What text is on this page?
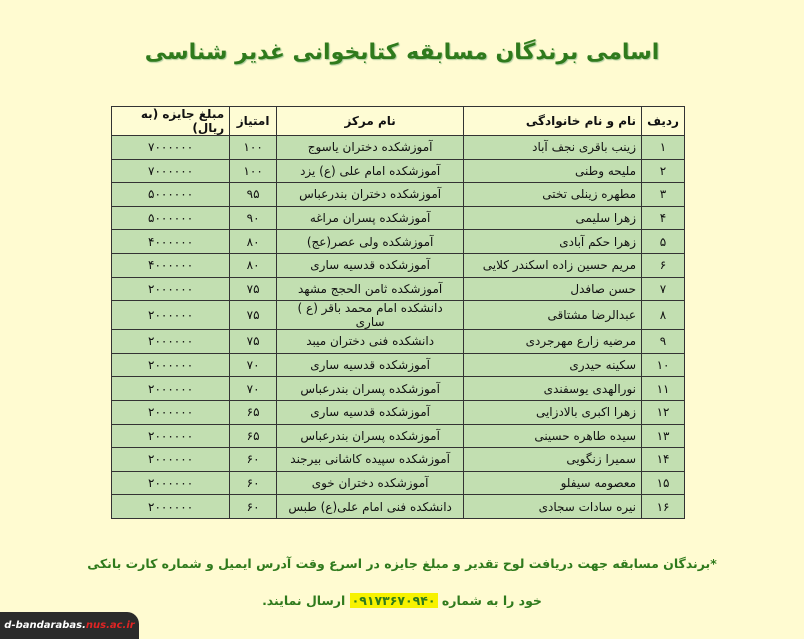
اسامی برندگان مسابقه کتابخوانی غدیر شناسی
ردیف	نام و نام خانوادگی	نام مرکز	امتیاز	مبلغ جایزه (به ریال)
۱	زینب باقری نجف آباد	آموزشکده دختران یاسوج	۱۰۰	۷۰۰۰۰۰۰
۲	ملیحه وطنی	آموزشکده امام علی (ع) یزد	۱۰۰	۷۰۰۰۰۰۰
۳	مطهره زینلی تختی	آموزشکده دختران بندرعباس	۹۵	۵۰۰۰۰۰۰
۴	زهرا سلیمی	آموزشکده پسران مراغه	۹۰	۵۰۰۰۰۰۰
۵	زهرا حکم آبادی	آموزشکده ولی عصر(عج)	۸۰	۴۰۰۰۰۰۰
۶	مریم حسین زاده اسکندر کلایی	آموزشکده قدسیه ساری	۸۰	۴۰۰۰۰۰۰
۷	حسن صافدل	آموزشکده ثامن الحجج مشهد	۷۵	۲۰۰۰۰۰۰
۸	عبدالرضا مشتاقی	دانشکده امام محمد باقر (ع ) ساری	۷۵	۲۰۰۰۰۰۰
۹	مرضیه زارع مهرجردی	دانشکده فنی دختران میبد	۷۵	۲۰۰۰۰۰۰
۱۰	سکینه حیدری	آموزشکده قدسیه ساری	۷۰	۲۰۰۰۰۰۰
۱۱	نورالهدی یوسفندی	آموزشکده پسران بندرعباس	۷۰	۲۰۰۰۰۰۰
۱۲	زهرا اکبری بالادزایی	آموزشکده قدسیه ساری	۶۵	۲۰۰۰۰۰۰
۱۳	سیده طاهره حسینی	آموزشکده پسران بندرعباس	۶۵	۲۰۰۰۰۰۰
۱۴	سمیرا زنگویی	آموزشکده سپیده کاشانی بیرجند	۶۰	۲۰۰۰۰۰۰
۱۵	معصومه سیفلو	آموزشکده دختران خوی	۶۰	۲۰۰۰۰۰۰
۱۶	نیره سادات سجادی	دانشکده فنی امام علی(ع) طبس	۶۰	۲۰۰۰۰۰۰
*برندگان مسابقه جهت دریافت لوح تقدیر و مبلغ جایزه در اسرع وقت آدرس ایمیل و شماره کارت بانکی
خود را به شماره ۰۹۱۷۳۶۷۰۹۴۰ ارسال نمایند.
d-bandarabas. nus.ac.ir
